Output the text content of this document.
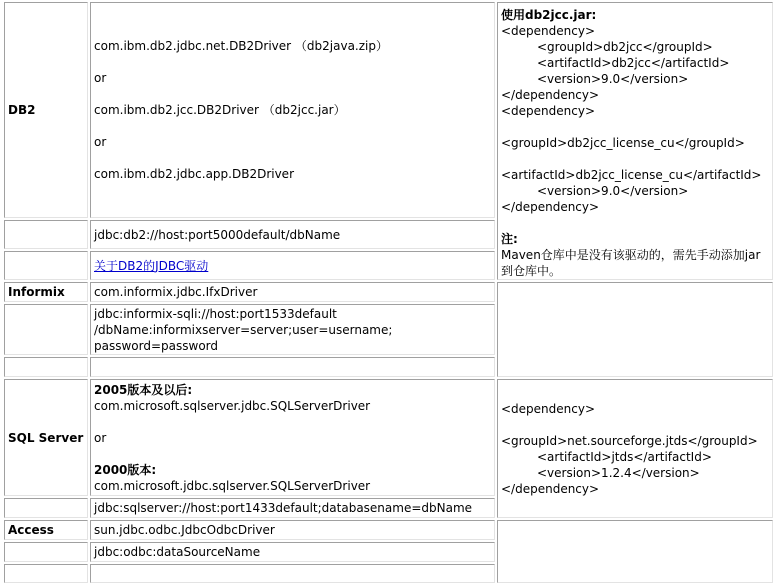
DB2
com.ibm.db2.jdbc.net.DB2Driver （db2java.zip）
or
com.ibm.db2.jcc.DB2Driver （db2jcc.jar）
or
com.ibm.db2.jdbc.app.DB2Driver
使用db2jcc.jar:
<dependency>
<groupId>db2jcc</groupId>
<artifactId>db2jcc</artifactId>
<version>9.0</version>
</dependency>
<dependency>
<groupId>db2jcc_license_cu</groupId>
<artifactId>db2jcc_license_cu</artifactId>
<version>9.0</version>
</dependency>
注:
Maven仓库中是没有该驱动的，需先手动添加jar
到仓库中。
jdbc:db2://host:port5000default/dbName
关于DB2的JDBC驱动
Informix	com.informix.jdbc.IfxDriver
jdbc:informix-sqli://host:port1533default
/dbName:informixserver=server;user=username;
password=password
SQL Server
2005版本及以后:
com.microsoft.sqlserver.jdbc.SQLServerDriver
or
2000版本:
com.microsoft.jdbc.sqlserver.SQLServerDriver
<dependency>
<groupId>net.sourceforge.jtds</groupId>
<artifactId>jtds</artifactId>
<version>1.2.4</version>
</dependency>
jdbc:sqlserver://host:port1433default;databasename=dbName
Access	sun.jdbc.odbc.JdbcOdbcDriver
jdbc:odbc:dataSourceName
